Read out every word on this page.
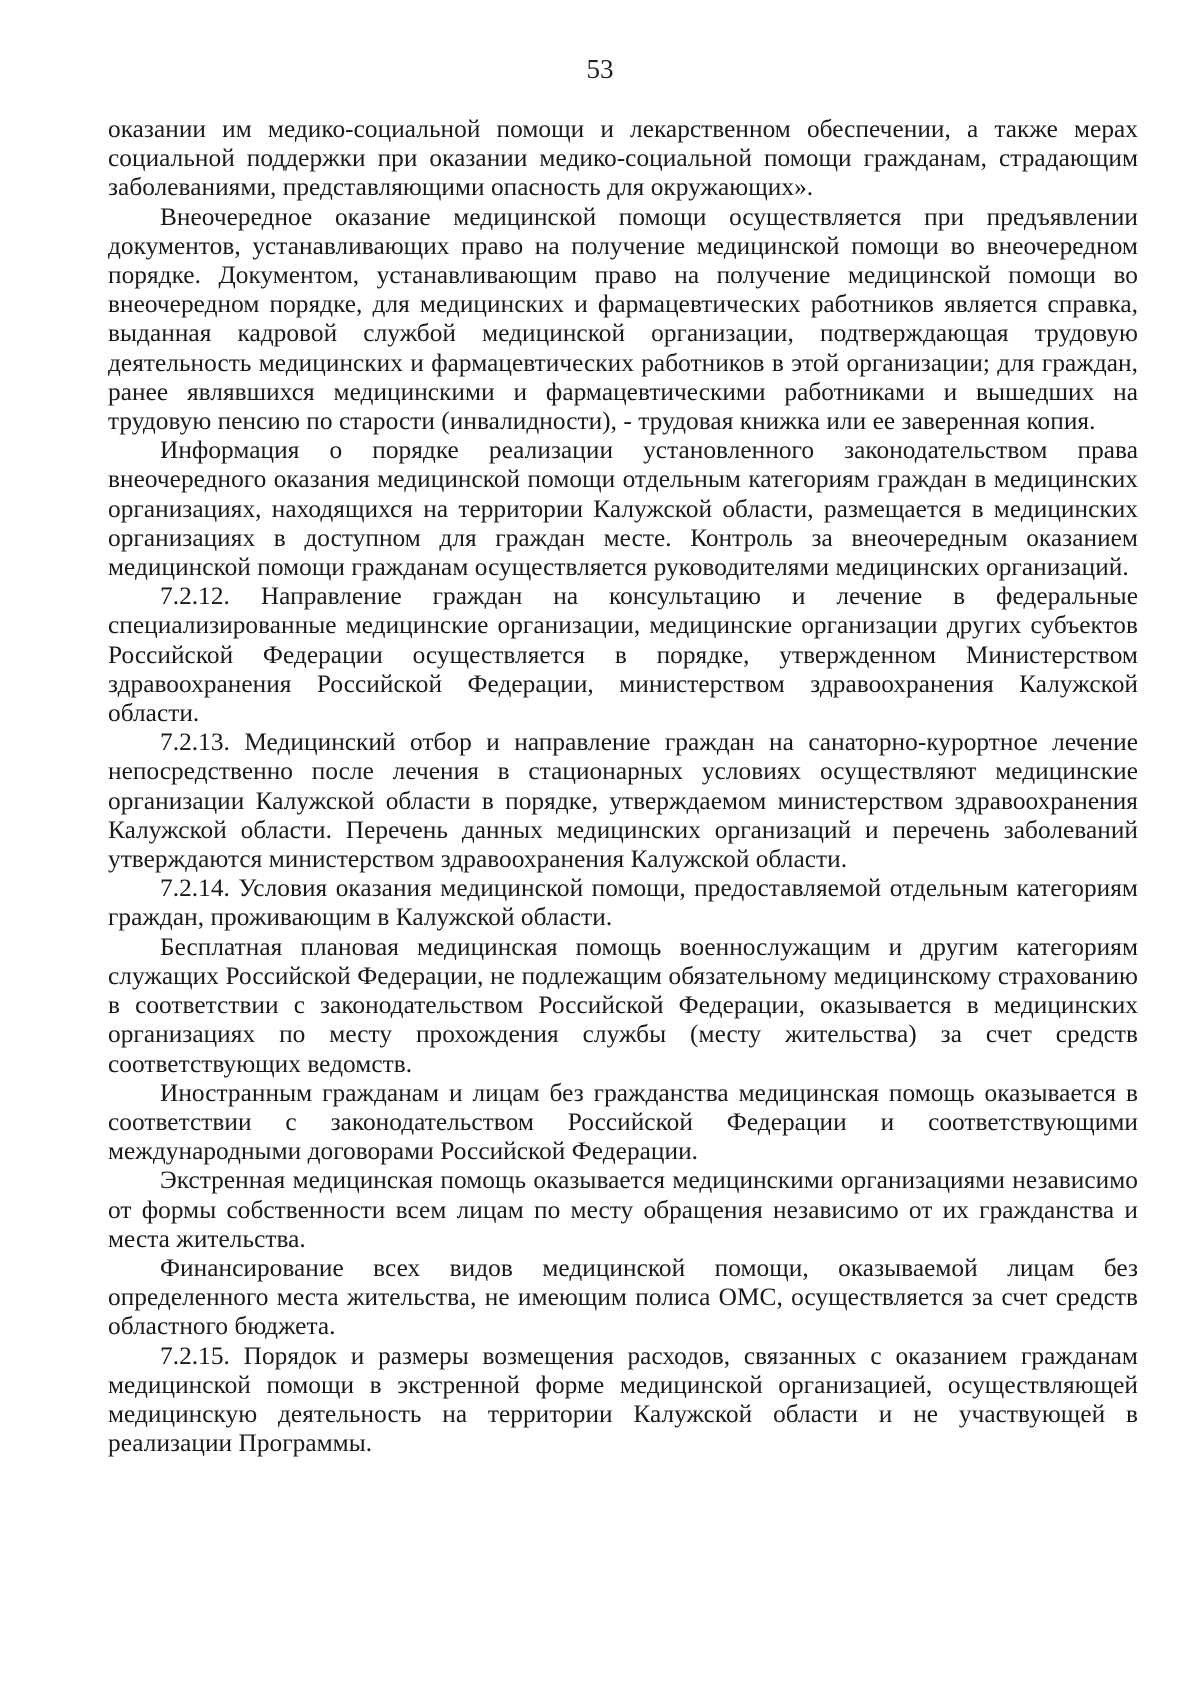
53

оказании им медико-социальной помощи и лекарственном обеспечении, а также мерах социальной поддержки при оказании медико-социальной помощи гражданам, страдающим заболеваниями, представляющими опасность для окружающих».

Внеочередное оказание медицинской помощи осуществляется при предъявлении документов, устанавливающих право на получение медицинской помощи во внеочередном порядке. Документом, устанавливающим право на получение медицинской помощи во внеочередном порядке, для медицинских и фармацевтических работников является справка, выданная кадровой службой медицинской организации, подтверждающая трудовую деятельность медицинских и фармацевтических работников в этой организации; для граждан, ранее являвшихся медицинскими и фармацевтическими работниками и вышедших на трудовую пенсию по старости (инвалидности), - трудовая книжка или ее заверенная копия.

Информация о порядке реализации установленного законодательством права внеочередного оказания медицинской помощи отдельным категориям граждан в медицинских организациях, находящихся на территории Калужской области, размещается в медицинских организациях в доступном для граждан месте. Контроль за внеочередным оказанием медицинской помощи гражданам осуществляется руководителями медицинских организаций.

7.2.12. Направление граждан на консультацию и лечение в федеральные специализированные медицинские организации, медицинские организации других субъектов Российской Федерации осуществляется в порядке, утвержденном Министерством здравоохранения Российской Федерации, министерством здравоохранения Калужской области.

7.2.13. Медицинский отбор и направление граждан на санаторно-курортное лечение непосредственно после лечения в стационарных условиях осуществляют медицинские организации Калужской области в порядке, утверждаемом министерством здравоохранения Калужской области. Перечень данных медицинских организаций и перечень заболеваний утверждаются министерством здравоохранения Калужской области.

7.2.14. Условия оказания медицинской помощи, предоставляемой отдельным категориям граждан, проживающим в Калужской области.

Бесплатная плановая медицинская помощь военнослужащим и другим категориям служащих Российской Федерации, не подлежащим обязательному медицинскому страхованию в соответствии с законодательством Российской Федерации, оказывается в медицинских организациях по месту прохождения службы (месту жительства) за счет средств соответствующих ведомств.

Иностранным гражданам и лицам без гражданства медицинская помощь оказывается в соответствии с законодательством Российской Федерации и соответствующими международными договорами Российской Федерации.

Экстренная медицинская помощь оказывается медицинскими организациями независимо от формы собственности всем лицам по месту обращения независимо от их гражданства и места жительства.

Финансирование всех видов медицинской помощи, оказываемой лицам без определенного места жительства, не имеющим полиса ОМС, осуществляется за счет средств областного бюджета.

7.2.15. Порядок и размеры возмещения расходов, связанных с оказанием гражданам медицинской помощи в экстренной форме медицинской организацией, осуществляющей медицинскую деятельность на территории Калужской области и не участвующей в реализации Программы.
